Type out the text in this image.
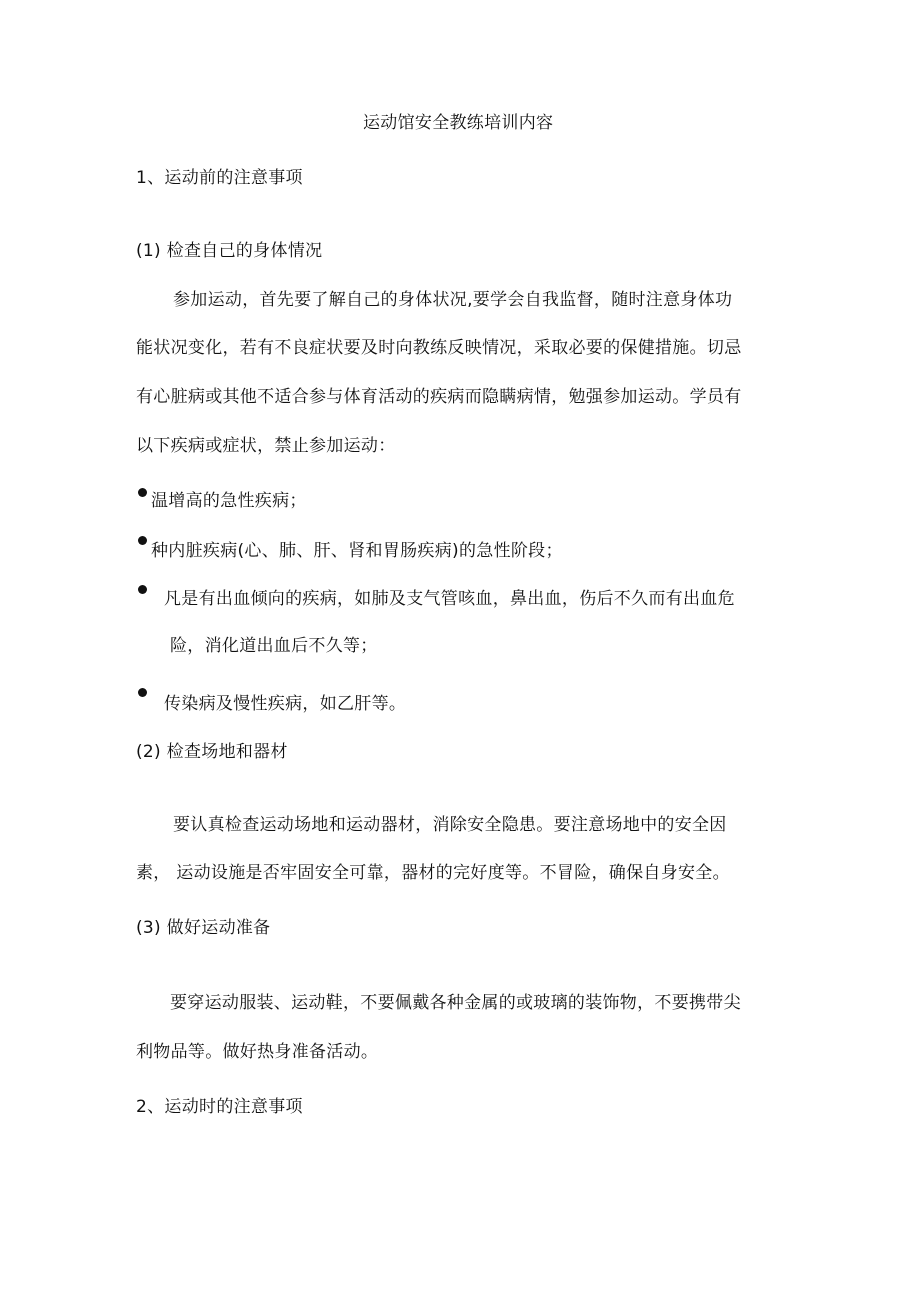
运动馆安全教练培训内容
1、运动前的注意事项
(1) 检查自己的身体情况
参加运动，首先要了解自己的身体状况,要学会自我监督，随时注意身体功
能状况变化，若有不良症状要及时向教练反映情况，采取必要的保健措施。切忌
有心脏病或其他不适合参与体育活动的疾病而隐瞒病情，勉强参加运动。学员有
以下疾病或症状，禁止参加运动：
温增高的急性疾病；
种内脏疾病(心、肺、肝、肾和胃肠疾病)的急性阶段；
凡是有出血倾向的疾病，如肺及支气管咳血，鼻出血，伤后不久而有出血危
险，消化道出血后不久等；
传染病及慢性疾病，如乙肝等。
(2) 检查场地和器材
要认真检查运动场地和运动器材，消除安全隐患。要注意场地中的安全因
素， 运动设施是否牢固安全可靠，器材的完好度等。不冒险，确保自身安全。
(3) 做好运动准备
要穿运动服装、运动鞋，不要佩戴各种金属的或玻璃的装饰物，不要携带尖
利物品等。做好热身准备活动。
2、运动时的注意事项
